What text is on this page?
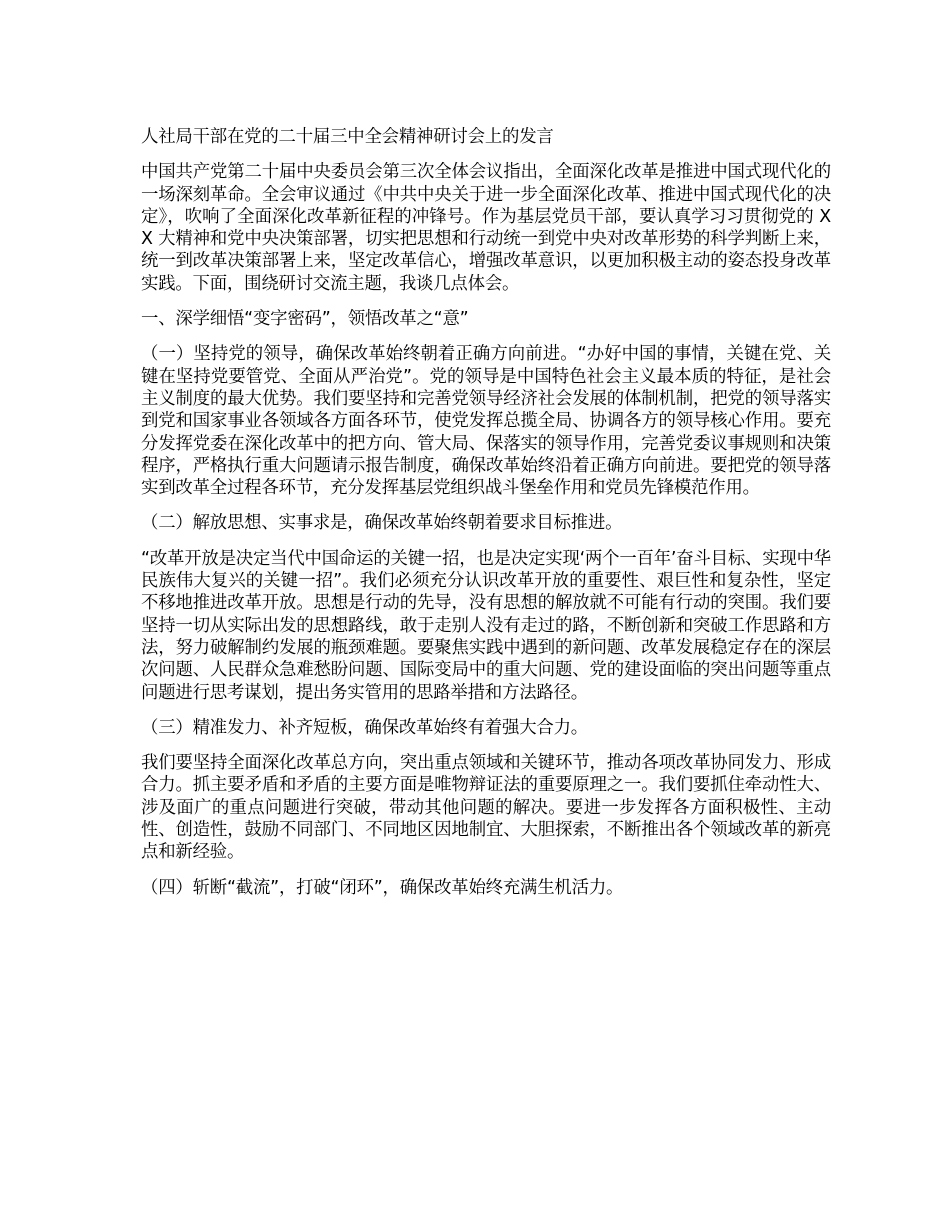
人社局干部在党的二十届三中全会精神研讨会上的发言

中国共产党第二十届中央委员会第三次全体会议指出，全面深化改革是推进中国式现代化的一场深刻革命。全会审议通过《中共中央关于进一步全面深化改革、推进中国式现代化的决定》，吹响了全面深化改革新征程的冲锋号。作为基层党员干部，要认真学习习贯彻党的 XX 大精神和党中央决策部署，切实把思想和行动统一到党中央对改革形势的科学判断上来，统一到改革决策部署上来，坚定改革信心，增强改革意识，以更加积极主动的姿态投身改革实践。下面，围绕研讨交流主题，我谈几点体会。

一、深学细悟“变字密码”，领悟改革之“意”

（一）坚持党的领导，确保改革始终朝着正确方向前进。“办好中国的事情，关键在党、关键在坚持党要管党、全面从严治党”。党的领导是中国特色社会主义最本质的特征，是社会主义制度的最大优势。我们要坚持和完善党领导经济社会发展的体制机制，把党的领导落实到党和国家事业各领域各方面各环节，使党发挥总揽全局、协调各方的领导核心作用。要充分发挥党委在深化改革中的把方向、管大局、保落实的领导作用，完善党委议事规则和决策程序，严格执行重大问题请示报告制度，确保改革始终沿着正确方向前进。要把党的领导落实到改革全过程各环节，充分发挥基层党组织战斗堡垒作用和党员先锋模范作用。

（二）解放思想、实事求是，确保改革始终朝着要求目标推进。

“改革开放是决定当代中国命运的关键一招，也是决定实现‘两个一百年’奋斗目标、实现中华民族伟大复兴的关键一招”。我们必须充分认识改革开放的重要性、艰巨性和复杂性，坚定不移地推进改革开放。思想是行动的先导，没有思想的解放就不可能有行动的突围。我们要坚持一切从实际出发的思想路线，敢于走别人没有走过的路，不断创新和突破工作思路和方法，努力破解制约发展的瓶颈难题。要聚焦实践中遇到的新问题、改革发展稳定存在的深层次问题、人民群众急难愁盼问题、国际变局中的重大问题、党的建设面临的突出问题等重点问题进行思考谋划，提出务实管用的思路举措和方法路径。

（三）精准发力、补齐短板，确保改革始终有着强大合力。

我们要坚持全面深化改革总方向，突出重点领域和关键环节，推动各项改革协同发力、形成合力。抓主要矛盾和矛盾的主要方面是唯物辩证法的重要原理之一。我们要抓住牵动性大、涉及面广的重点问题进行突破，带动其他问题的解决。要进一步发挥各方面积极性、主动性、创造性，鼓励不同部门、不同地区因地制宜、大胆探索，不断推出各个领域改革的新亮点和新经验。

（四）斩断“截流”，打破“闭环”，确保改革始终充满生机活力。
